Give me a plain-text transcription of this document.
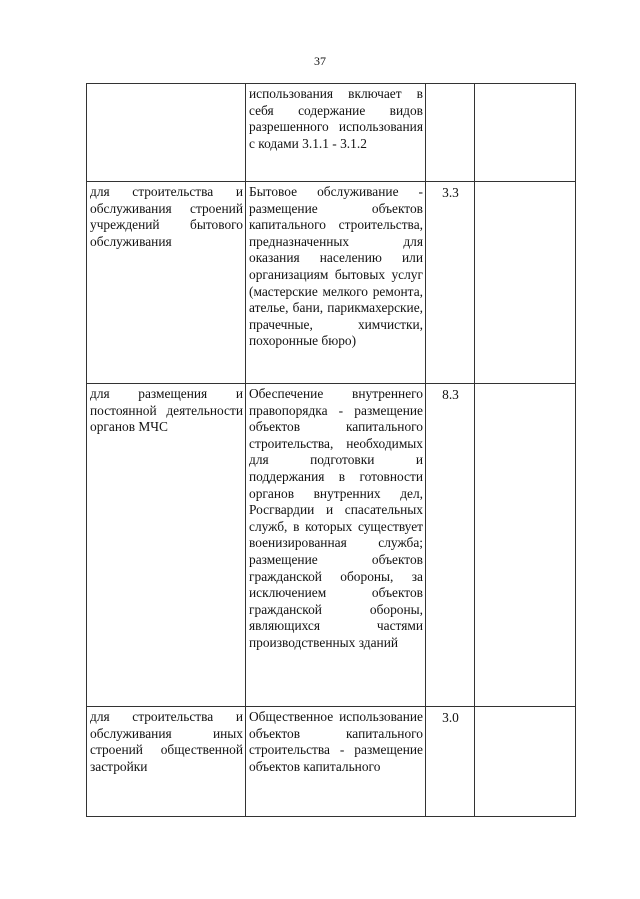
37

	использования включает в себя содержание видов разрешенного использования с кодами 3.1.1 - 3.1.2		

для строительства и обслуживания строений учреждений бытового обслуживания	Бытовое обслуживание - размещение объектов капитального строительства, предназначенных для оказания населению или организациям бытовых услуг (мастерские мелкого ремонта, ателье, бани, парикмахерские, прачечные, химчистки, похоронные бюро)	3.3	

для размещения и постоянной деятельности органов МЧС	Обеспечение внутреннего правопорядка - размещение объектов капитального строительства, необходимых для подготовки и поддержания в готовности органов внутренних дел, Росгвардии и спасательных служб, в которых существует военизированная служба; размещение объектов гражданской обороны, за исключением объектов гражданской обороны, являющихся частями производственных зданий	8.3	

для строительства и обслуживания иных строений общественной застройки	Общественное использование объектов капитального строительства - размещение объектов капитального	3.0	
